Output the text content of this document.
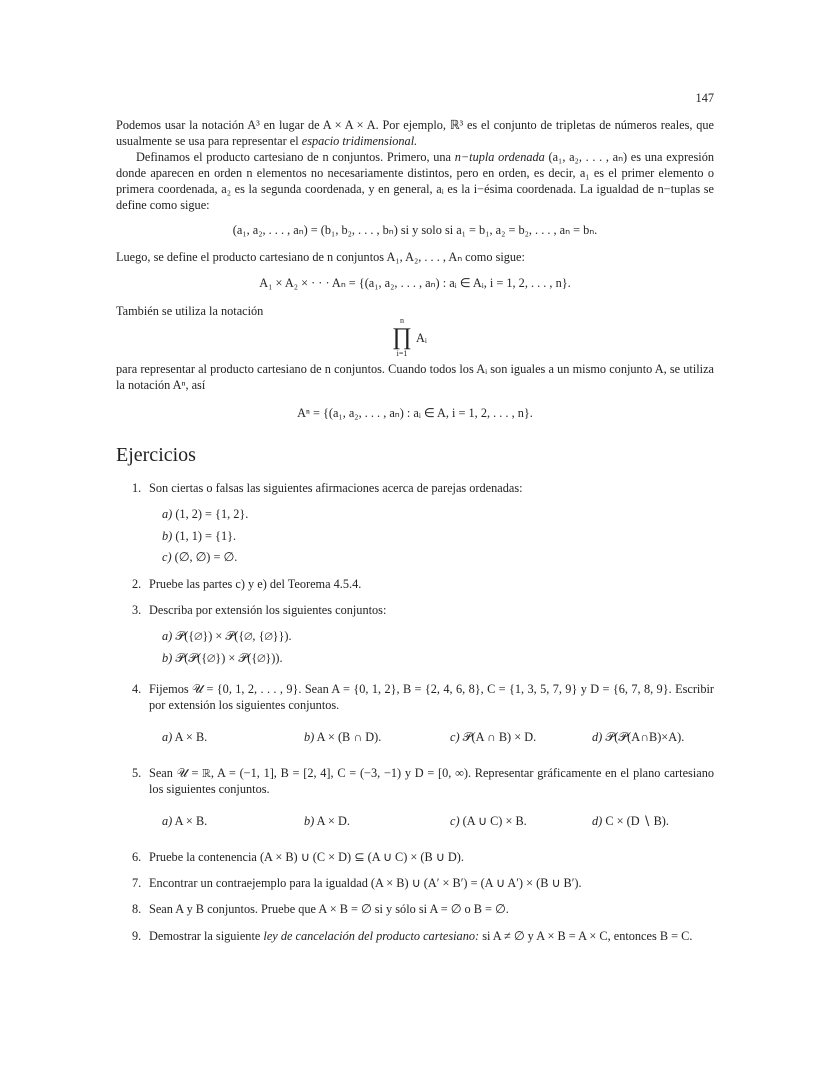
147
Podemos usar la notación A³ en lugar de A × A × A. Por ejemplo, ℝ³ es el conjunto de tripletas de números reales, que usualmente se usa para representar el espacio tridimensional.
Definamos el producto cartesiano de n conjuntos. Primero, una n−tupla ordenada (a₁, a₂, . . . , aₙ) es una expresión donde aparecen en orden n elementos no necesariamente distintos, pero en orden, es decir, a₁ es el primer elemento o primera coordenada, a₂ es la segunda coordenada, y en general, aᵢ es la i−ésima coordenada. La igualdad de n−tuplas se define como sigue:
(a₁, a₂, . . . , aₙ) = (b₁, b₂, . . . , bₙ) si y solo si a₁ = b₁, a₂ = b₂, . . . , aₙ = bₙ.
Luego, se define el producto cartesiano de n conjuntos A₁, A₂, . . . , Aₙ como sigue:
A₁ × A₂ × · · · Aₙ = {(a₁, a₂, . . . , aₙ) : aᵢ ∈ Aᵢ, i = 1, 2, . . . , n}.
También se utiliza la notación
n
∏
i=1
Aᵢ
para representar al producto cartesiano de n conjuntos. Cuando todos los Aᵢ son iguales a un mismo conjunto A, se utiliza la notación Aⁿ, así
Aⁿ = {(a₁, a₂, . . . , aₙ) : aᵢ ∈ A, i = 1, 2, . . . , n}.
Ejercicios
1. Son ciertas o falsas las siguientes afirmaciones acerca de parejas ordenadas:
a) (1, 2) = {1, 2}.
b) (1, 1) = {1}.
c) (∅, ∅) = ∅.
2. Pruebe las partes c) y e) del Teorema 4.5.4.
3. Describa por extensión los siguientes conjuntos:
a) 𝒫({∅}) × 𝒫({∅, {∅}}).
b) 𝒫(𝒫({∅}) × 𝒫({∅})).
4. Fijemos 𝒰 = {0, 1, 2, . . . , 9}. Sean A = {0, 1, 2}, B = {2, 4, 6, 8}, C = {1, 3, 5, 7, 9} y D = {6, 7, 8, 9}. Escribir por extensión los siguientes conjuntos.
a) A × B.	b) A × (B ∩ D).	c) 𝒫(A ∩ B) × D.	d) 𝒫(𝒫(A∩B)×A).
5. Sean 𝒰 = ℝ, A = (−1, 1], B = [2, 4], C = (−3, −1) y D = [0, ∞). Representar gráficamente en el plano cartesiano los siguientes conjuntos.
a) A × B.	b) A × D.	c) (A ∪ C) × B.	d) C × (D ∖ B).
6. Pruebe la contenencia (A × B) ∪ (C × D) ⊆ (A ∪ C) × (B ∪ D).
7. Encontrar un contraejemplo para la igualdad (A × B) ∪ (A′ × B′) = (A ∪ A′) × (B ∪ B′).
8. Sean A y B conjuntos. Pruebe que A × B = ∅ si y sólo si A = ∅ o B = ∅.
9. Demostrar la siguiente ley de cancelación del producto cartesiano: si A ≠ ∅ y A × B = A × C, entonces B = C.
